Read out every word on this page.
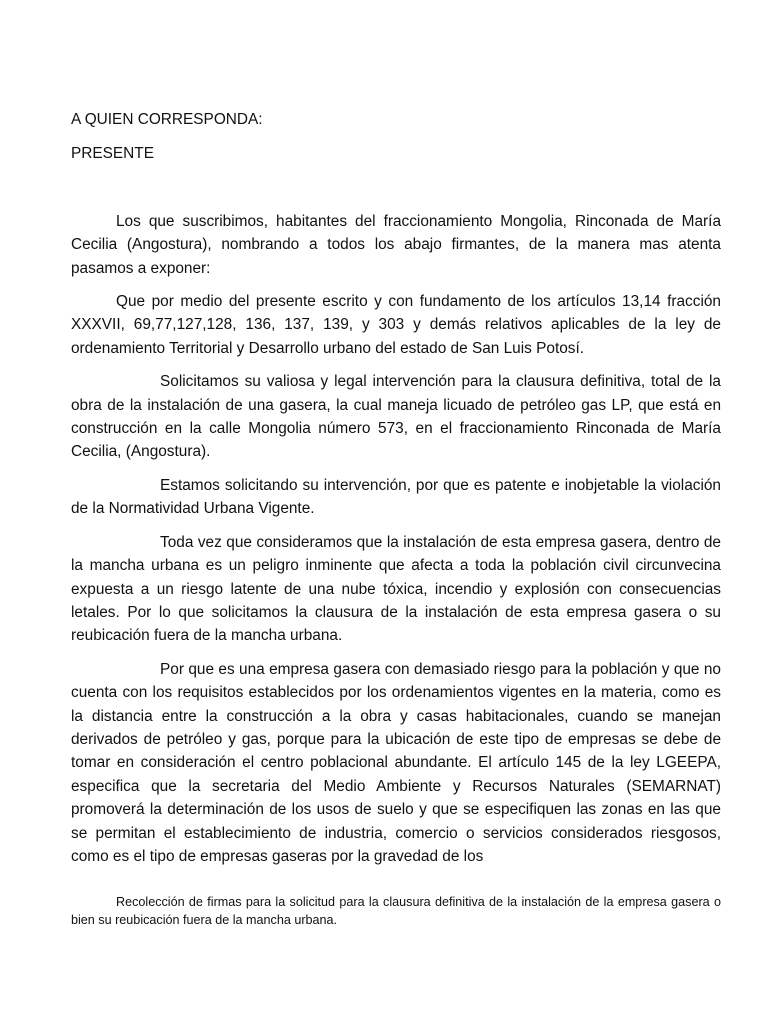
A QUIEN CORRESPONDA:

PRESENTE

Los que suscribimos, habitantes del fraccionamiento Mongolia, Rinconada de María Cecilia (Angostura), nombrando a todos los abajo firmantes, de la manera mas atenta pasamos a exponer:

Que por medio del presente escrito y con fundamento de los artículos 13,14 fracción XXXVII, 69,77,127,128, 136, 137, 139, y 303 y demás relativos aplicables de la ley de ordenamiento Territorial y Desarrollo urbano del estado de San Luis Potosí.

Solicitamos su valiosa y legal intervención para la clausura definitiva, total de la obra de la instalación de una gasera, la cual maneja licuado de petróleo gas LP, que está en construcción en la calle Mongolia número 573, en el fraccionamiento Rinconada de María Cecilia, (Angostura).

Estamos solicitando su intervención, por que es patente e inobjetable la violación de la Normatividad Urbana Vigente.

Toda vez que consideramos que la instalación de esta empresa gasera, dentro de la mancha urbana es un peligro inminente que afecta a toda la población civil circunvecina expuesta a un riesgo latente de una nube tóxica, incendio y explosión con consecuencias letales. Por lo que solicitamos la clausura de la instalación de esta empresa gasera o su reubicación fuera de la mancha urbana.

Por que es una empresa gasera con demasiado riesgo para la población y que no cuenta con los requisitos establecidos por los ordenamientos vigentes en la materia, como es la distancia entre la construcción a la obra y casas habitacionales, cuando se manejan derivados de petróleo y gas, porque para la ubicación de este tipo de empresas se debe de tomar en consideración el centro poblacional abundante. El artículo 145 de la ley LGEEPA, especifica que la secretaria del Medio Ambiente y Recursos Naturales (SEMARNAT) promoverá la determinación de los usos de suelo y que se especifiquen las zonas en las que se permitan el establecimiento de industria, comercio o servicios considerados riesgosos, como es el tipo de empresas gaseras por la gravedad de los

Recolección de firmas para la solicitud para la clausura definitiva de la instalación de la empresa gasera o bien su reubicación fuera de la mancha urbana.
